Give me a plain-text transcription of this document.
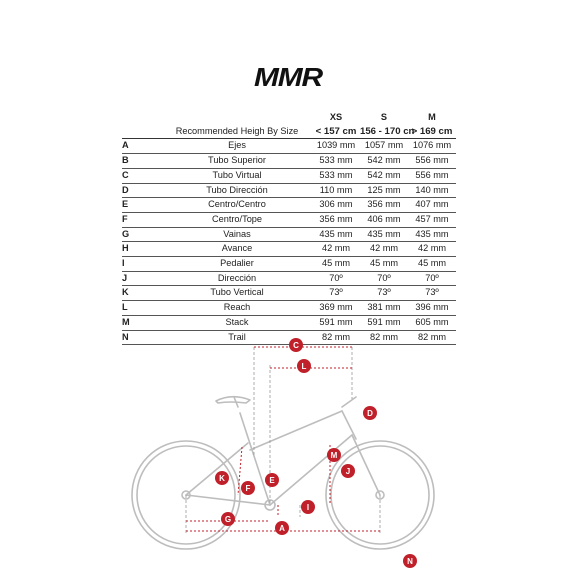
MMR
		XS	S	M
	Recommended Heigh By Size	< 157 cm	156 - 170 cn	> 169 cm
A	Ejes	1039 mm	1057 mm	1076 mm
B	Tubo Superior	533 mm	542 mm	556 mm
C	Tubo Virtual	533 mm	542 mm	556 mm
D	Tubo Dirección	110 mm	125 mm	140 mm
E	Centro/Centro	306 mm	356 mm	407 mm
F	Centro/Tope	356 mm	406 mm	457 mm
G	Vainas	435 mm	435 mm	435 mm
H	Avance	42 mm	42 mm	42 mm
I	Pedalier	45 mm	45 mm	45 mm
J	Dirección	70º	70º	70º
K	Tubo Vertical	73º	73º	73º
L	Reach	369 mm	381 mm	396 mm
M	Stack	591 mm	591 mm	605 mm
N	Trail	82 mm	82 mm	82 mm
A
C
D
E
F
G
I
J
K
L
M
N
